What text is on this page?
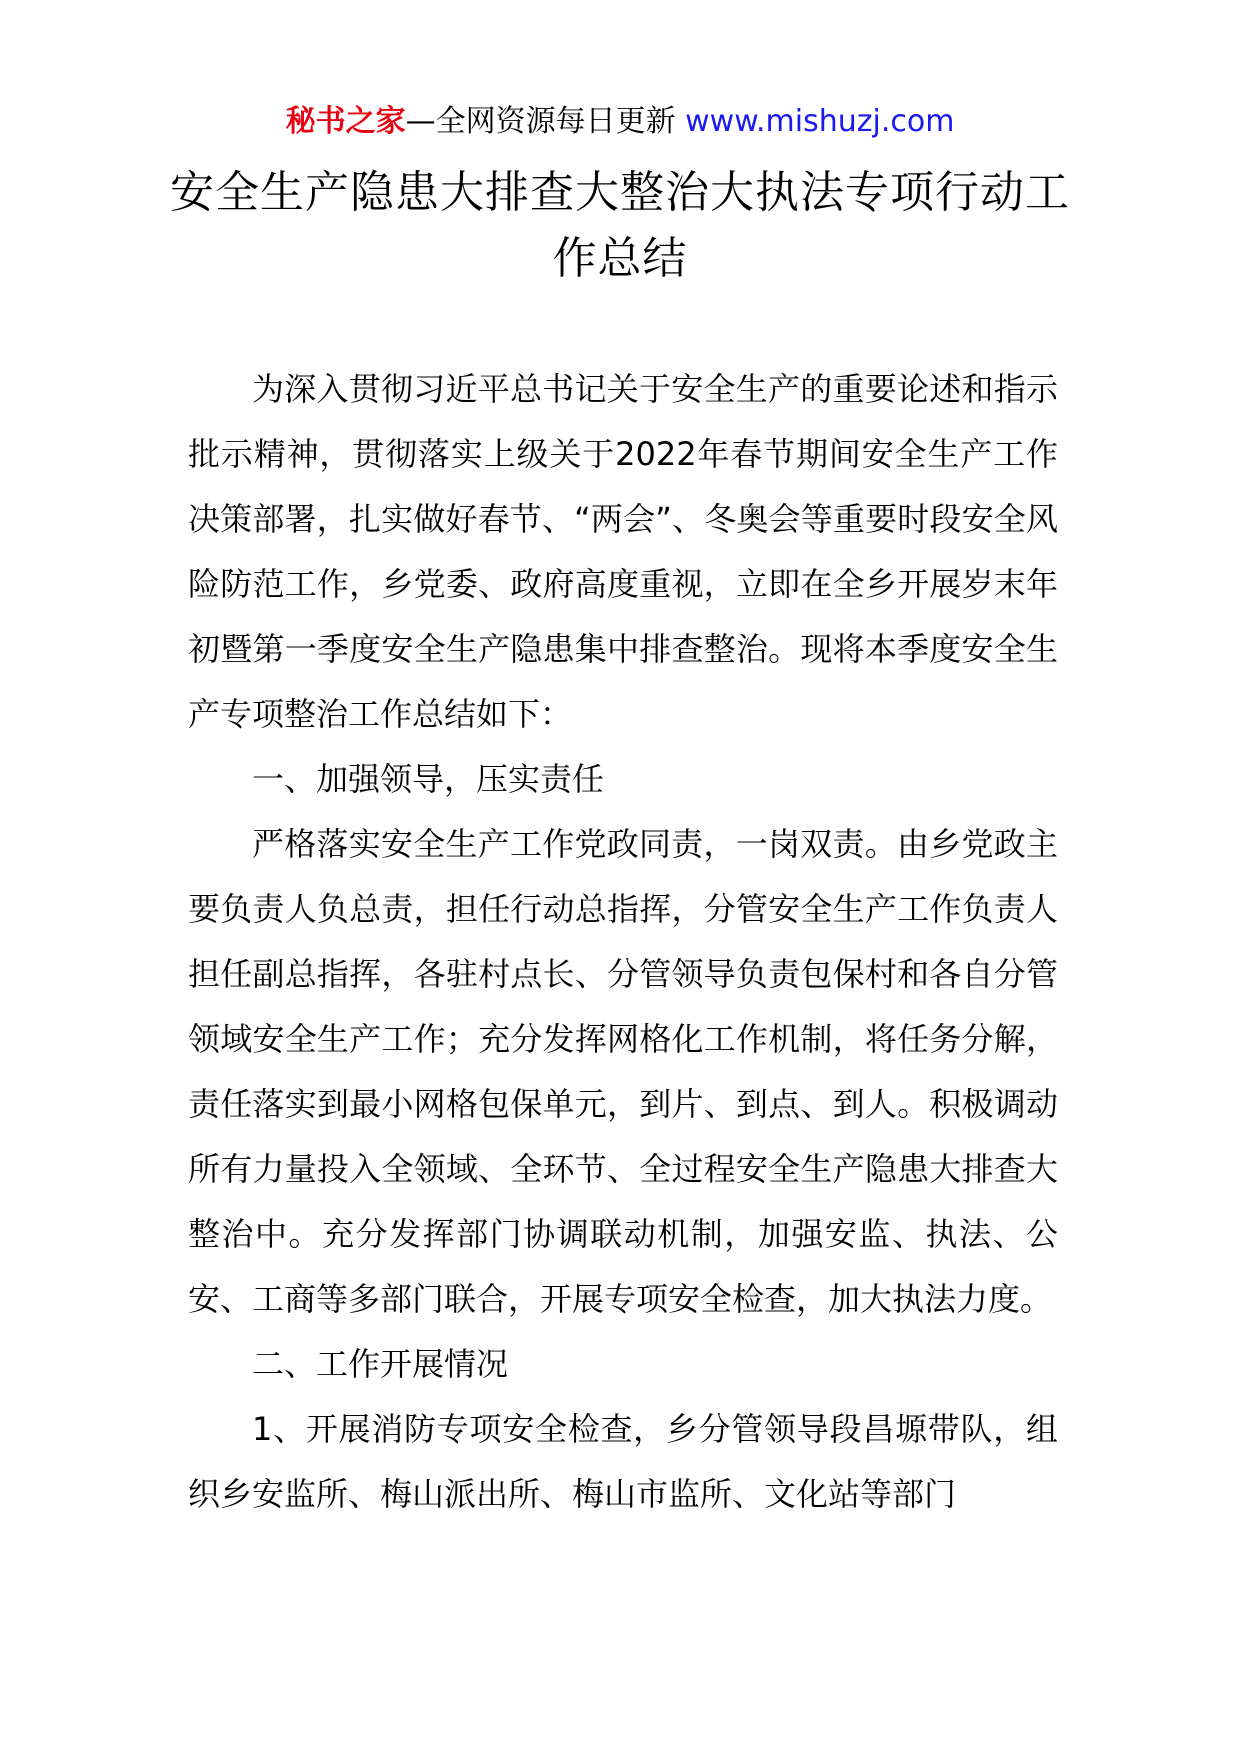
秘书之家—全网资源每日更新 www.mishuzj.com
安全生产隐患大排查大整治大执法专项行动工作总结

为深入贯彻习近平总书记关于安全生产的重要论述和指示批示精神，贯彻落实上级关于2022年春节期间安全生产工作决策部署，扎实做好春节、“两会”、冬奥会等重要时段安全风险防范工作，乡党委、政府高度重视，立即在全乡开展岁末年初暨第一季度安全生产隐患集中排查整治。现将本季度安全生产专项整治工作总结如下：

一、加强领导，压实责任

严格落实安全生产工作党政同责，一岗双责。由乡党政主要负责人负总责，担任行动总指挥，分管安全生产工作负责人担任副总指挥，各驻村点长、分管领导负责包保村和各自分管领域安全生产工作；充分发挥网格化工作机制，将任务分解，责任落实到最小网格包保单元，到片、到点、到人。积极调动所有力量投入全领域、全环节、全过程安全生产隐患大排查大整治中。充分发挥部门协调联动机制，加强安监、执法、公安、工商等多部门联合，开展专项安全检查，加大执法力度。

二、工作开展情况

1、开展消防专项安全检查，乡分管领导段昌塬带队，组织乡安监所、梅山派出所、梅山市监所、文化站等部门
